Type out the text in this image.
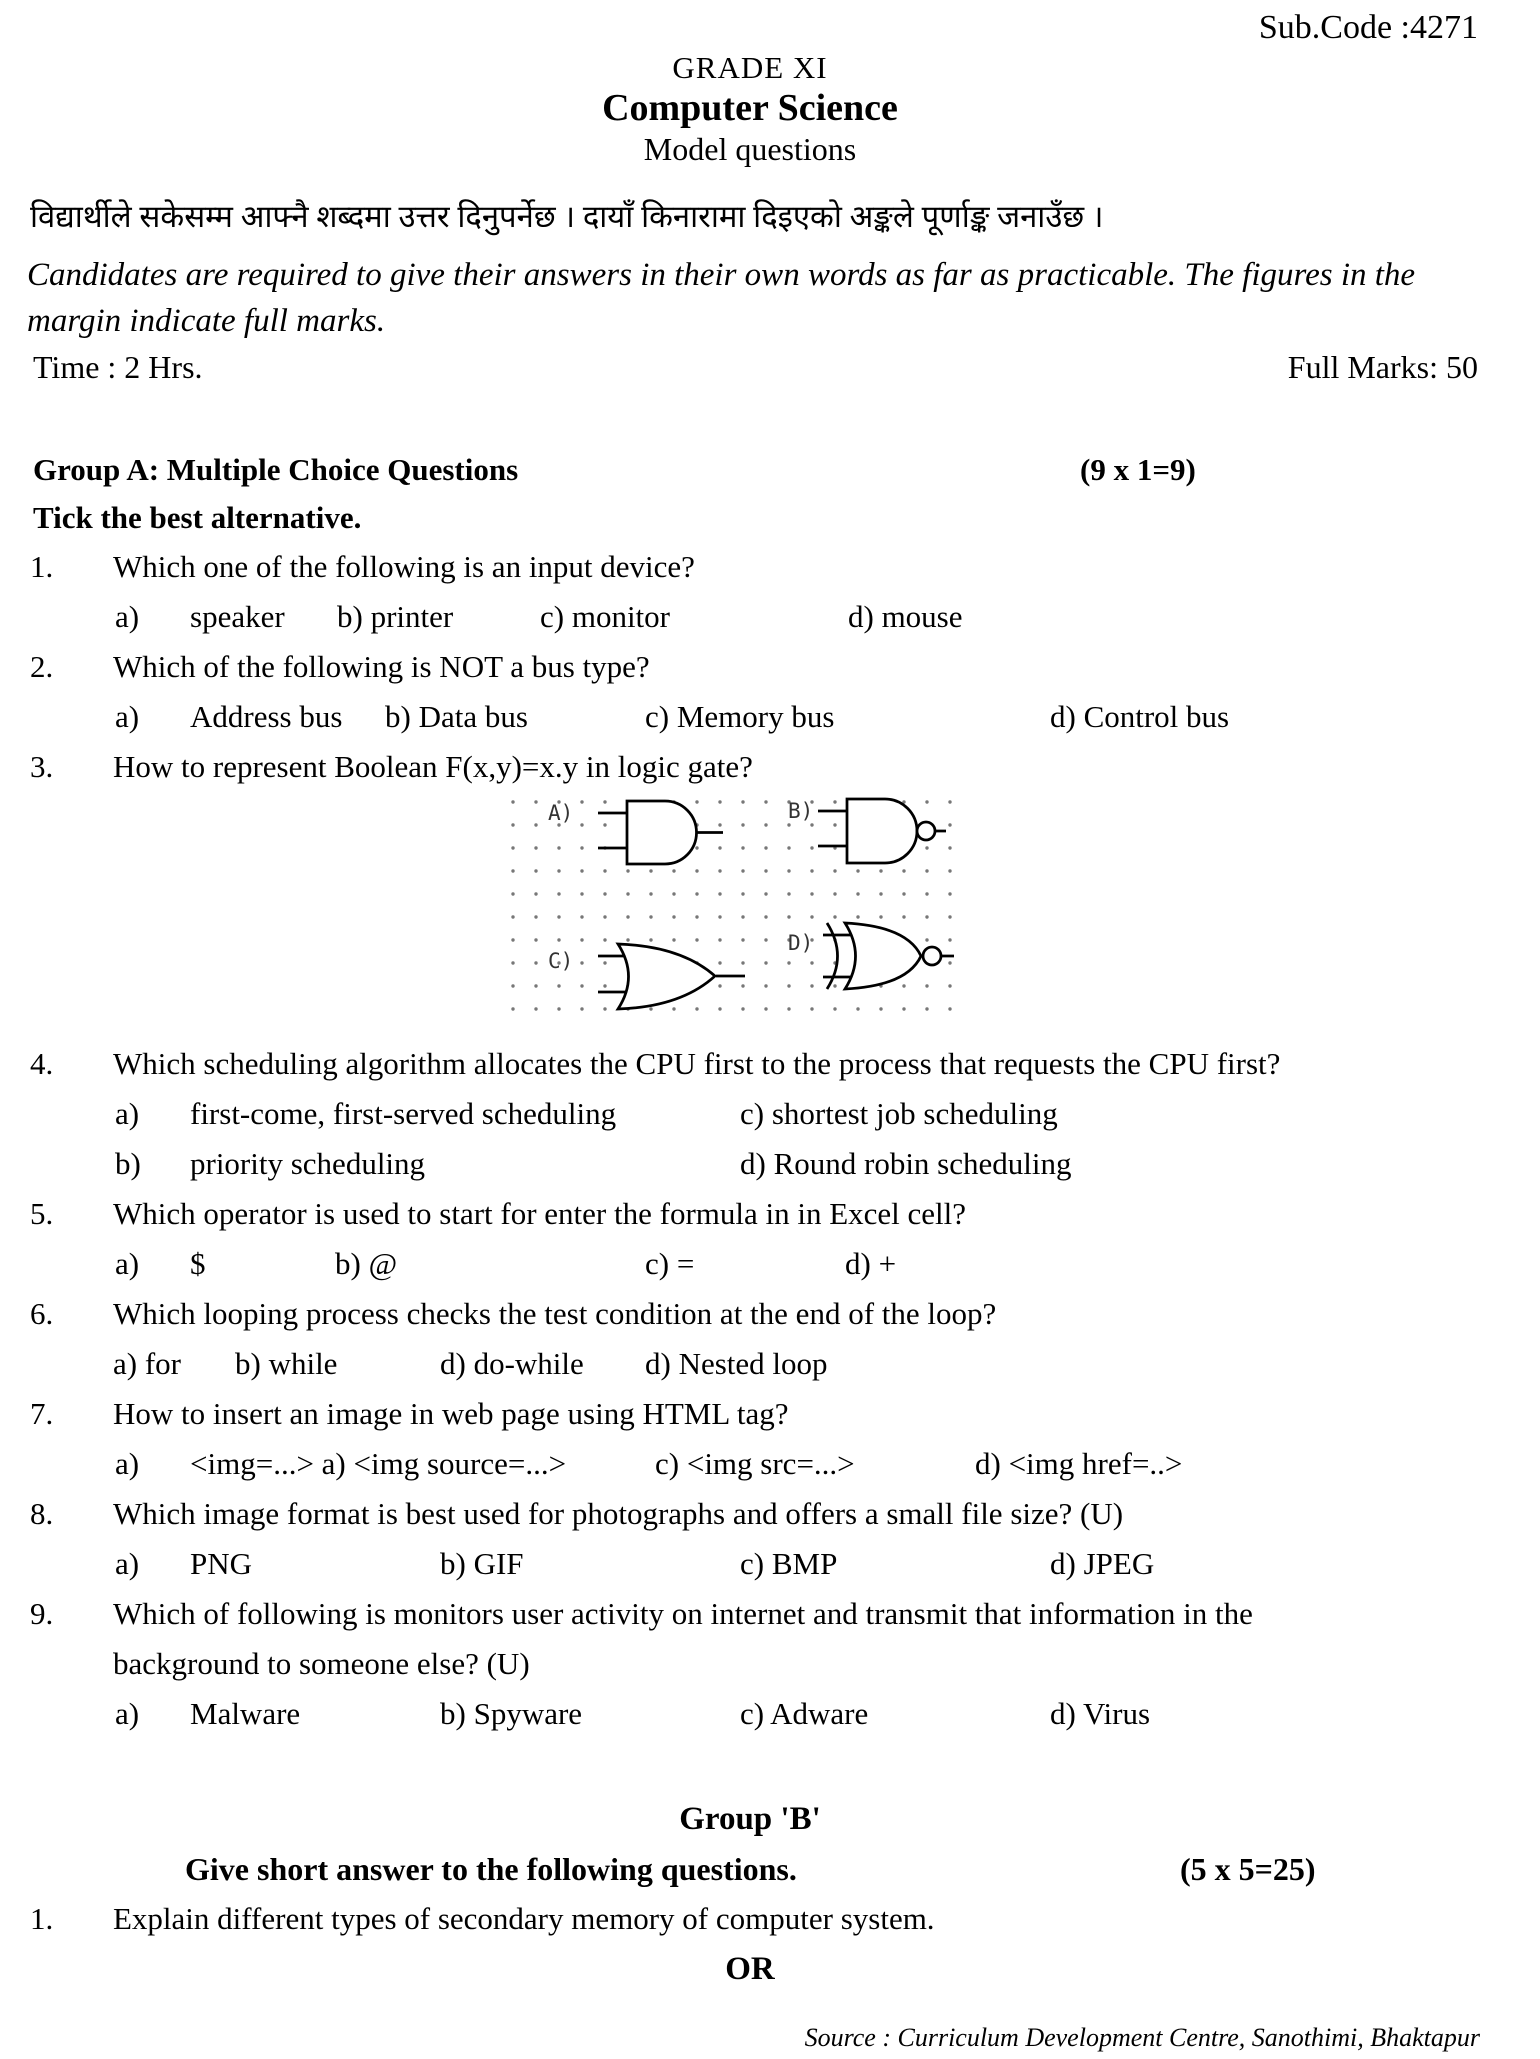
Sub.Code :4271
GRADE XI
Computer Science
Model questions
विद्यार्थीले सकेसम्म आफ्नै शब्दमा उत्तर दिनुपर्नेछ । दायाँ किनारामा दिइएको अङ्कले पूर्णाङ्क जनाउँछ ।
Candidates are required to give their answers in their own words as far as practicable. The figures in the
margin indicate full marks.
Time : 2 Hrs.	Full Marks: 50
Group A: Multiple Choice Questions	(9 x 1=9)
Tick the best alternative.
1. Which one of the following is an input device?
a) speaker b) printer	c) monitor	d) mouse
2. Which of the following is NOT a bus type?
a) Address bus b) Data bus	c) Memory bus	d) Control bus
3. How to represent Boolean F(x,y)=x.y in logic gate?
A)	B)
C)
D)
4. Which scheduling algorithm allocates the CPU first to the process that requests the CPU first?
a) first-come, first-served scheduling	c) shortest job scheduling
b) priority scheduling	d) Round robin scheduling
5. Which operator is used to start for enter the formula in in Excel cell?
a) $	b) @	c) =	d) +
6. Which looping process checks the test condition at the end of the loop?
a) for b) while	d) do-while d) Nested loop
7. How to insert an image in web page using HTML tag?
a) <img=...> a) <img source=...>	c) <img src=...>	d) <img href=..>
8. Which image format is best used for photographs and offers a small file size? (U)
a) PNG	b) GIF	c) BMP	d) JPEG
9. Which of following is monitors user activity on internet and transmit that information in the
background to someone else? (U)
a) Malware	b) Spyware	c) Adware	d) Virus
Group 'B'
Give short answer to the following questions.	(5 x 5=25)
1. Explain different types of secondary memory of computer system.
OR
Source : Curriculum Development Centre, Sanothimi, Bhaktapur
